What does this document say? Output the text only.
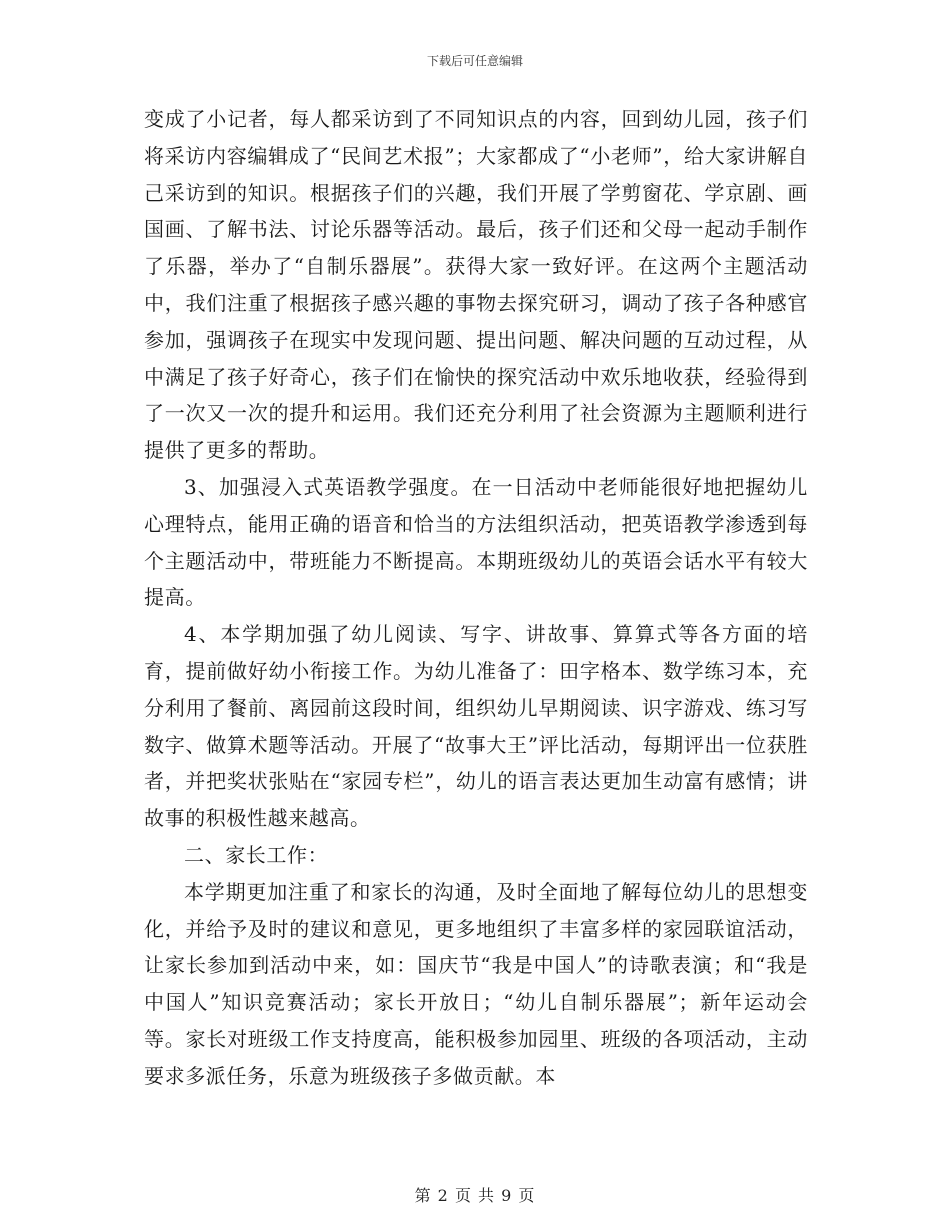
下载后可任意编辑

变成了小记者，每人都采访到了不同知识点的内容，回到幼儿园，孩子们将采访内容编辑成了“民间艺术报”；大家都成了“小老师”，给大家讲解自己采访到的知识。根据孩子们的兴趣，我们开展了学剪窗花、学京剧、画国画、了解书法、讨论乐器等活动。最后，孩子们还和父母一起动手制作了乐器，举办了“自制乐器展”。获得大家一致好评。在这两个主题活动中，我们注重了根据孩子感兴趣的事物去探究研习，调动了孩子各种感官参加，强调孩子在现实中发现问题、提出问题、解决问题的互动过程，从中满足了孩子好奇心，孩子们在愉快的探究活动中欢乐地收获，经验得到了一次又一次的提升和运用。我们还充分利用了社会资源为主题顺利进行提供了更多的帮助。

3、加强浸入式英语教学强度。在一日活动中老师能很好地把握幼儿心理特点，能用正确的语音和恰当的方法组织活动，把英语教学渗透到每个主题活动中，带班能力不断提高。本期班级幼儿的英语会话水平有较大提高。

4、本学期加强了幼儿阅读、写字、讲故事、算算式等各方面的培育，提前做好幼小衔接工作。为幼儿准备了：田字格本、数学练习本，充分利用了餐前、离园前这段时间，组织幼儿早期阅读、识字游戏、练习写数字、做算术题等活动。开展了“故事大王”评比活动，每期评出一位获胜者，并把奖状张贴在“家园专栏”，幼儿的语言表达更加生动富有感情；讲故事的积极性越来越高。

二、家长工作：

本学期更加注重了和家长的沟通，及时全面地了解每位幼儿的思想变化，并给予及时的建议和意见，更多地组织了丰富多样的家园联谊活动，让家长参加到活动中来，如：国庆节“我是中国人”的诗歌表演；和“我是中国人”知识竞赛活动；家长开放日；“幼儿自制乐器展”；新年运动会等。家长对班级工作支持度高，能积极参加园里、班级的各项活动，主动要求多派任务，乐意为班级孩子多做贡献。本

第 2 页 共 9 页
